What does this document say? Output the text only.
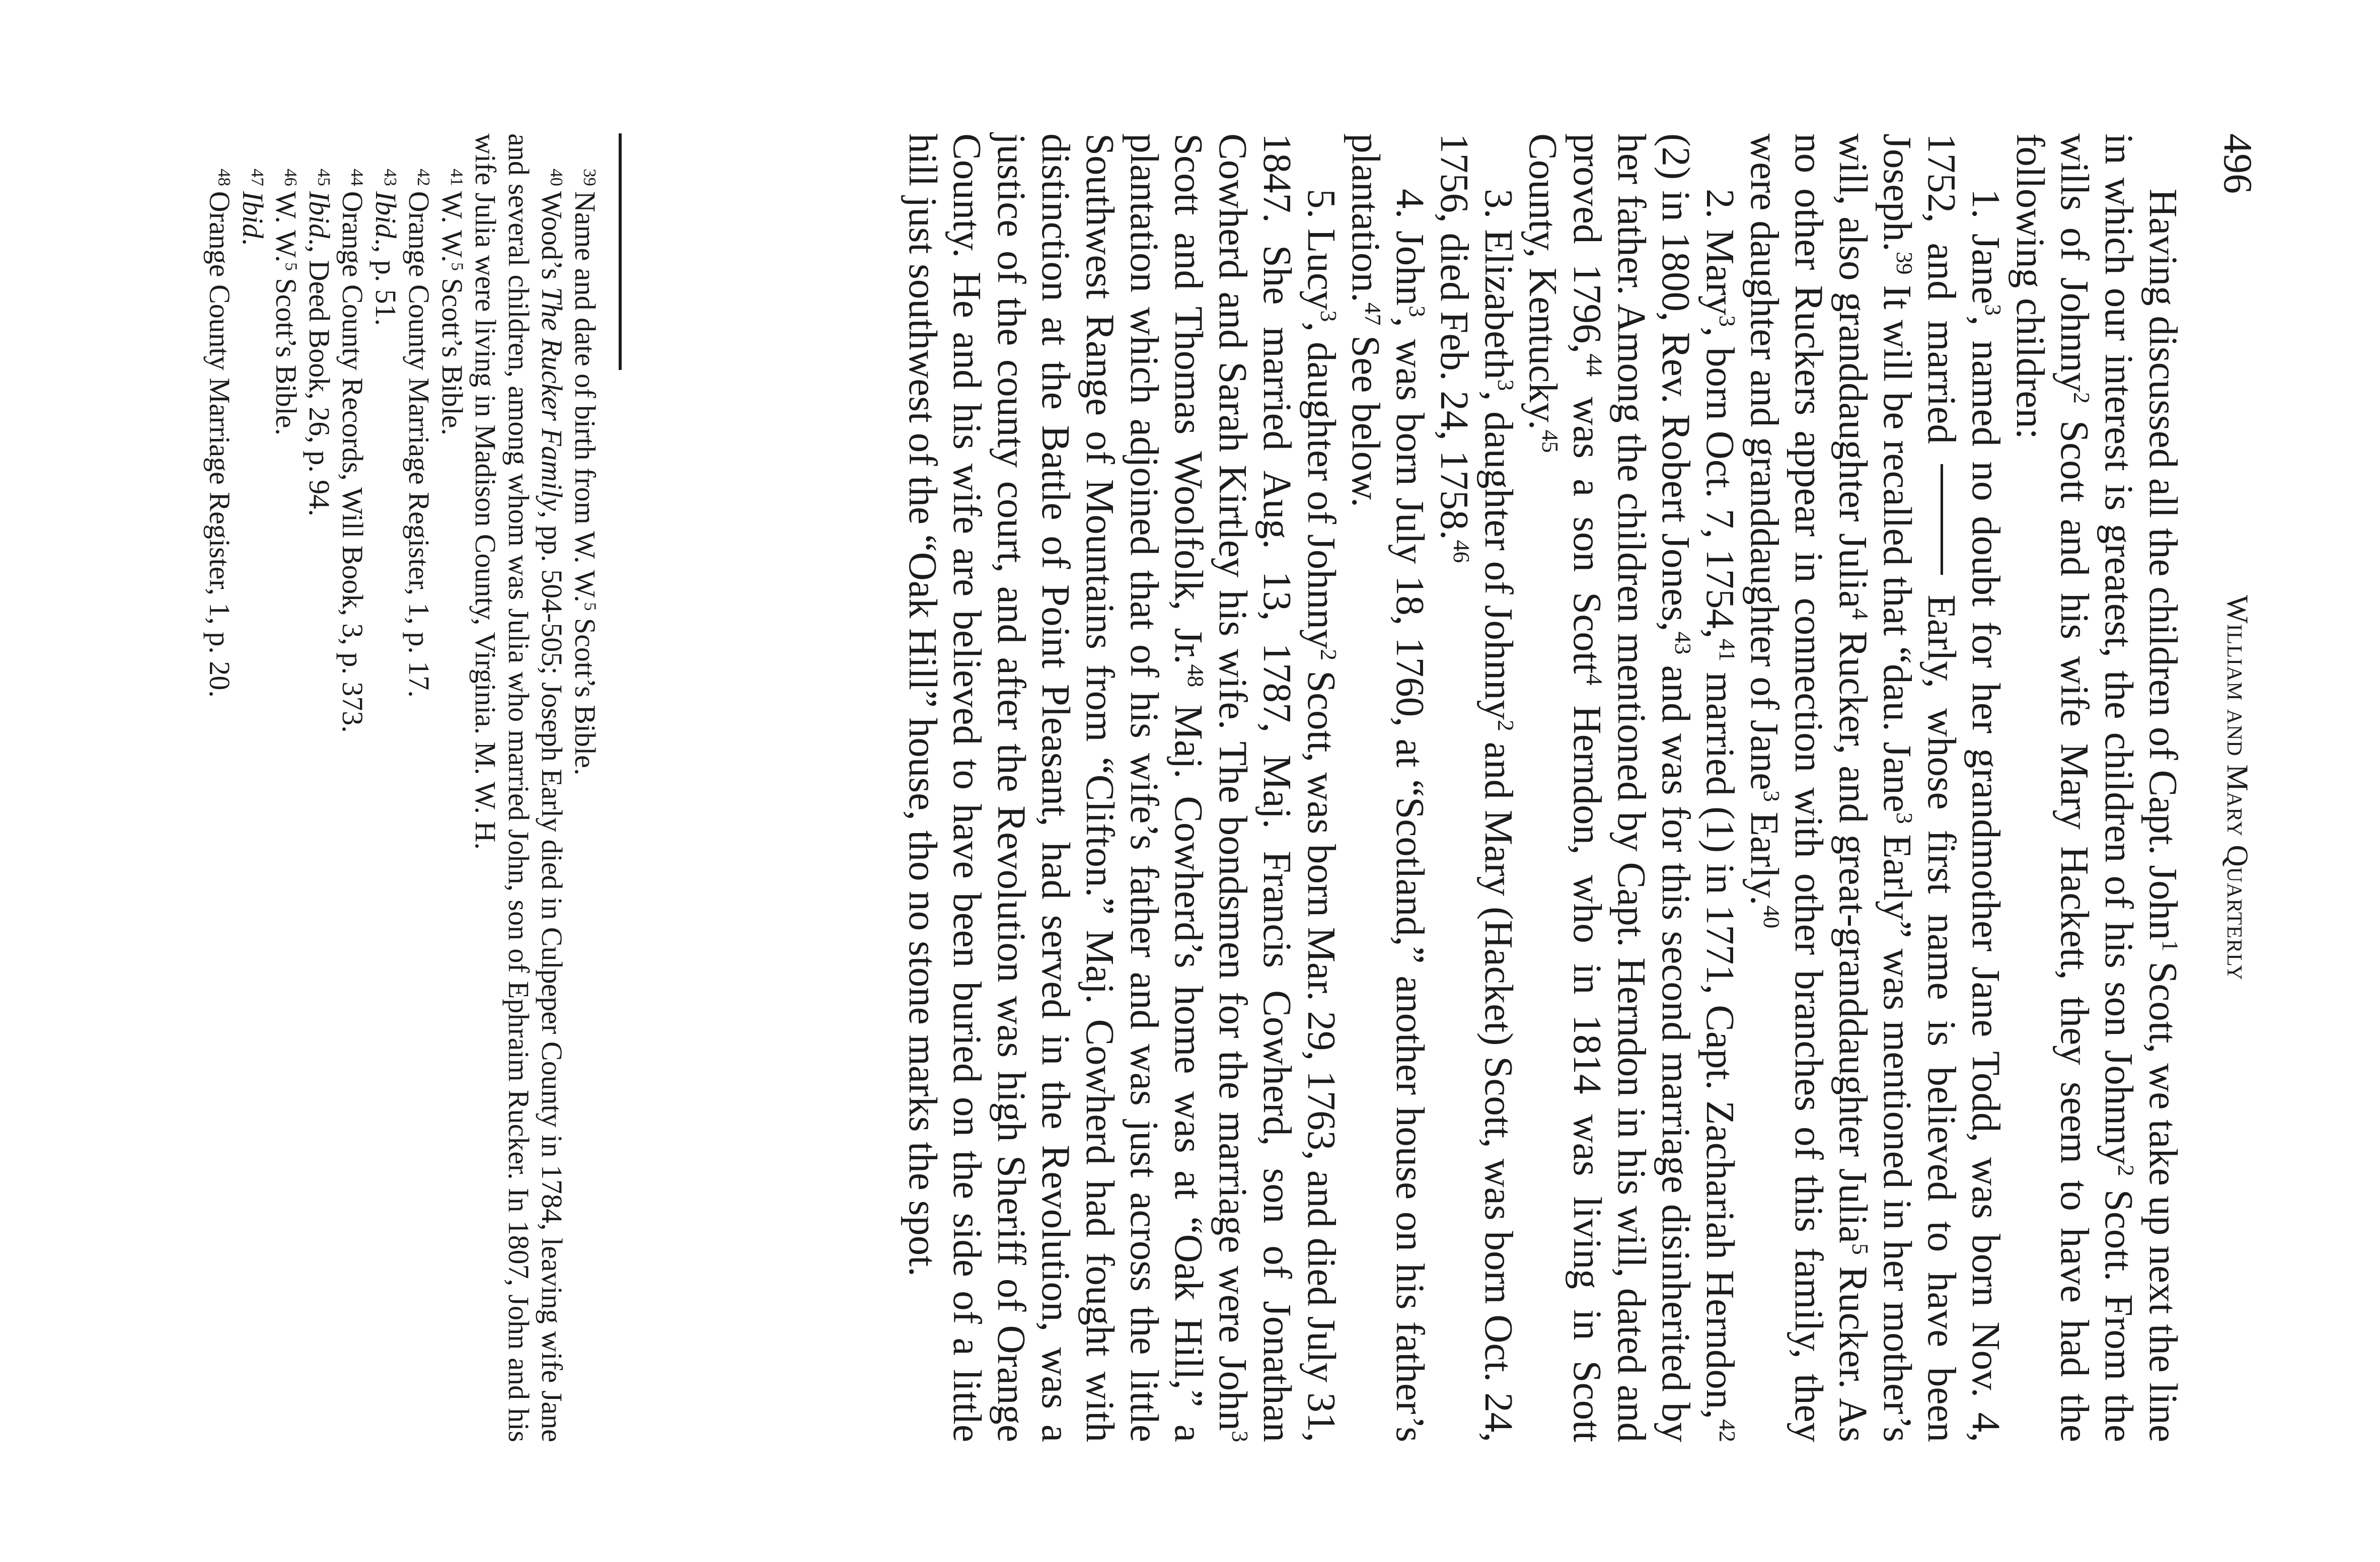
496
William and Mary Quarterly

Having discussed all the children of Capt. John$^1$ Scott, we take up next the line in which our interest is greatest, the children of his son Johnny$^2$ Scott. From the wills of Johnny$^2$ Scott and his wife Mary Hackett, they seem to have had the following children:

1. Jane$^3$, named no doubt for her grandmother Jane Todd, was born Nov. 4, 1752, and married  Early, whose first name is believed to have been Joseph.$^{39}$ It will be recalled that “dau. Jane$^3$ Early” was mentioned in her mother’s will, also granddaughter Julia$^4$ Rucker, and great-granddaughter Julia$^5$ Rucker. As no other Ruckers appear in connection with other branches of this family, they were daughter and granddaughter of Jane$^3$ Early.$^{40}$

2. Mary$^3$, born Oct. 7, 1754,41 married (1) in 1771, Capt. Zachariah Herndon,$^{42}$ (2) in 1800, Rev. Robert Jones,$^{43}$ and was for this second marriage disinherited by her father. Among the children mentioned by Capt. Herndon in his will, dated and proved 1796,44 was a son Scott$^4$ Herndon, who in 1814 was living in Scott County, Kentucky.$^{45}$

3. Elizabeth$^3$, daughter of Johnny$^2$ and Mary (Hacket) Scott, was born Oct. 24, 1756, died Feb. 24, 1758.46

4. John$^3$, was born July 18, 1760, at “Scotland,” another house on his father’s plantation.$^{47}$ See below.

5. Lucy$^3$, daughter of Johnny$^2$ Scott, was born Mar. 29, 1763, and died July 31, 1847. She married Aug. 13, 1787, Maj. Francis Cowherd, son of Jonathan Cowherd and Sarah Kirtley his wife. The bondsmen for the marriage were John$^3$ Scott and Thomas Woolfolk, Jr.$^{48}$ Maj. Cowherd’s home was at “Oak Hill,” a plantation which adjoined that of his wife’s father and was just across the little Southwest Range of Mountains from “Clifton.” Maj. Cowherd had fought with distinction at the Battle of Point Pleasant, had served in the Revolution, was a justice of the county court, and after the Revolution was high Sheriff of Orange County. He and his wife are believed to have been buried on the side of a little hill just southwest of the “Oak Hill” house, tho no stone marks the spot.

$^{39}$Name and date of birth from W. W.$^5$ Scott’s Bible.

$^{40}$Wood’s The Rucker Family, pp. 504-505; Joseph Early died in Culpeper County in 1784, leaving wife Jane and several children, among whom was Julia who married John, son of Ephraim Rucker. In 1807, John and his wife Julia were living in Madison County, Virginia. M. W. H.

$^{41}$W. W.$^5$ Scott’s Bible.

$^{42}$Orange County Marriage Register, 1, p. 17.

$^{43}$Ibid., p. 51.

$^{44}$Orange County Records, Will Book, 3, p. 373.

$^{45}$Ibid., Deed Book, 26, p. 94.

$^{46}$W. W.$^5$ Scott’s Bible.

$^{47}$Ibid.

$^{48}$Orange County Marriage Register, 1, p. 20.
